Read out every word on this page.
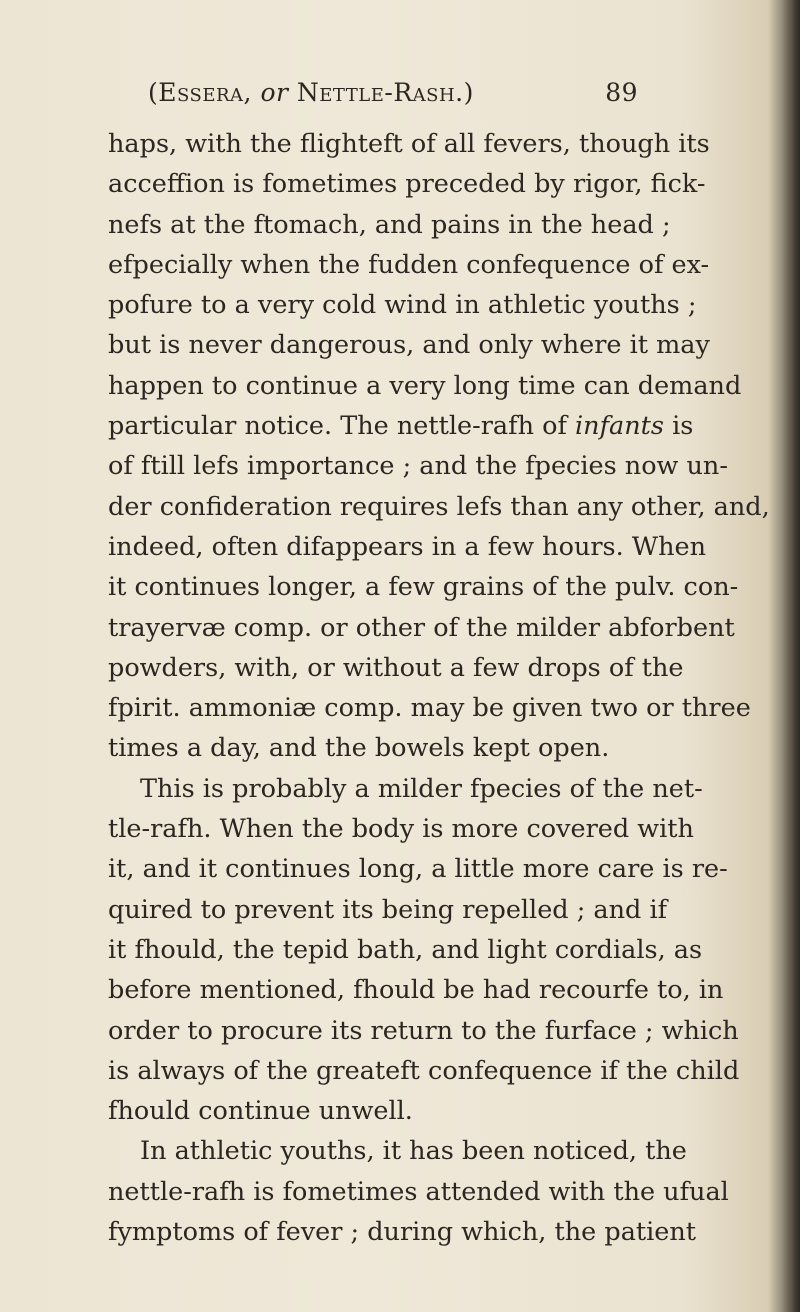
(Essera, or Nettle-Rash.)	89
haps, with the flighteft of all fevers, though its
acceffion is fometimes preceded by rigor, fick-
nefs at the ftomach, and pains in the head ;
efpecially when the fudden confequence of ex-
pofure to a very cold wind in athletic youths ;
but is never dangerous, and only where it may
happen to continue a very long time can demand
particular notice. The nettle-rafh of infants is
of ftill lefs importance ; and the fpecies now un-
der confideration requires lefs than any other, and,
indeed, often difappears in a few hours. When
it continues longer, a few grains of the pulv. con-
trayervæ comp. or other of the milder abforbent
powders, with, or without a few drops of the
fpirit. ammoniæ comp. may be given two or three
times a day, and the bowels kept open.
This is probably a milder fpecies of the net-
tle-rafh. When the body is more covered with
it, and it continues long, a little more care is re-
quired to prevent its being repelled ; and if
it fhould, the tepid bath, and light cordials, as
before mentioned, fhould be had recourfe to, in
order to procure its return to the furface ; which
is always of the greateft confequence if the child
fhould continue unwell.
In athletic youths, it has been noticed, the
nettle-rafh is fometimes attended with the ufual
fymptoms of fever ; during which, the patient
